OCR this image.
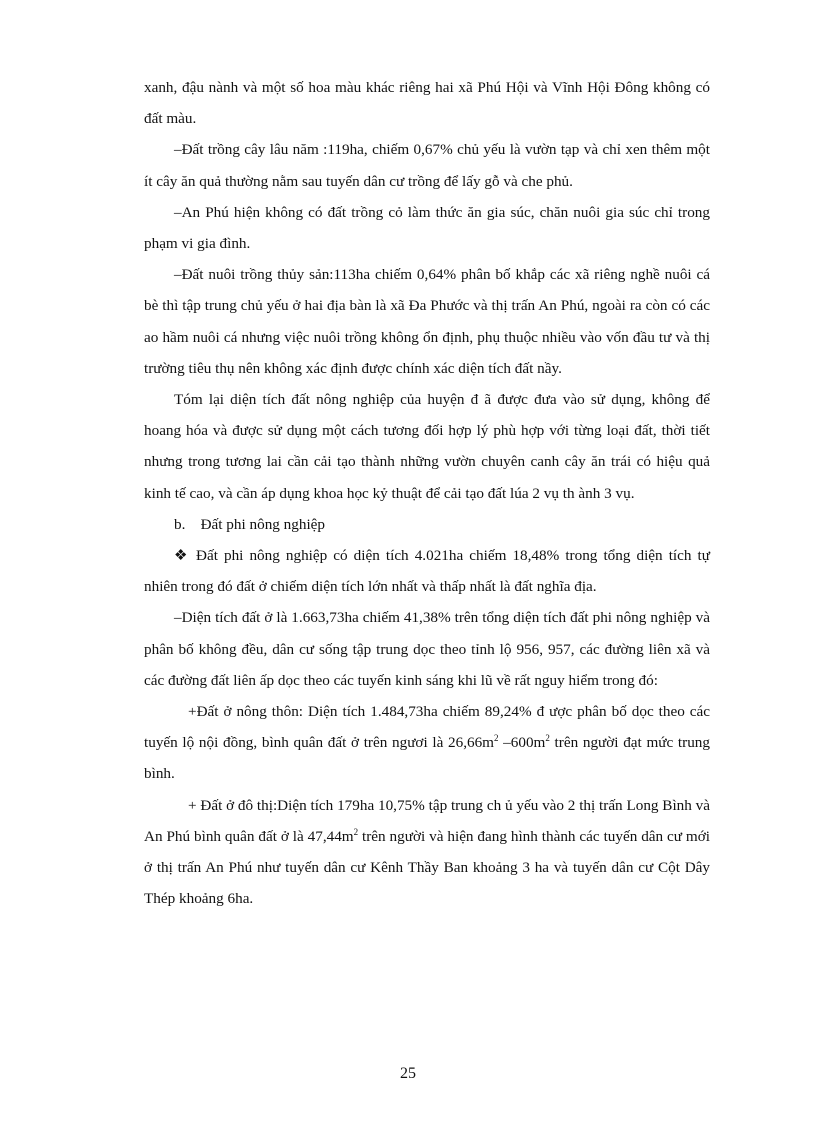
xanh, đậu nành và một số hoa màu khác riêng hai xã Phú Hội và Vĩnh Hội Đông không có đất màu.

–Đất trồng cây lâu năm :119ha, chiếm 0,67% chủ yếu là vườn tạp và chỉ xen thêm một ít cây ăn quả thường nằm sau tuyến dân cư trồng để lấy gỗ và che phủ.

–An Phú hiện không có đất trồng cỏ làm thức ăn gia súc, chăn nuôi gia súc chỉ trong phạm vi gia đình.

–Đất nuôi trồng thủy sản:113ha chiếm 0,64% phân bố khắp các xã riêng nghề nuôi cá bè thì tập trung chủ yếu ở hai địa bàn là xã Đa Phước và thị trấn An Phú, ngoài ra còn có các ao hầm nuôi cá nhưng việc nuôi trồng không ổn định, phụ thuộc nhiều vào vốn đầu tư và thị trường tiêu thụ nên không xác định được chính xác diện tích đất nầy.

Tóm lại diện tích đất nông nghiệp của huyện đ ã được đưa vào sử dụng, không để hoang hóa và được sử dụng một cách tương đối hợp lý phù hợp với từng loại đất, thời tiết nhưng trong tương lai cần cải tạo thành những vườn chuyên canh cây ăn trái có hiệu quả kinh tế cao, và cần áp dụng khoa học kỷ thuật để cải tạo đất lúa 2 vụ th ành 3 vụ.

b. Đất phi nông nghiệp

❖ Đất phi nông nghiệp có diện tích 4.021ha chiếm 18,48% trong tổng diện tích tự nhiên trong đó đất ở chiếm diện tích lớn nhất và thấp nhất là đất nghĩa địa.

–Diện tích đất ở là 1.663,73ha chiếm 41,38% trên tổng diện tích đất phi nông nghiệp và phân bố không đều, dân cư sống tập trung dọc theo tỉnh lộ 956, 957, các đường liên xã và các đường đất liên ấp dọc theo các tuyến kinh sáng khi lũ về rất nguy hiểm trong đó:

+Đất ở nông thôn: Diện tích 1.484,73ha chiếm 89,24% đ ược phân bố dọc theo các tuyến lộ nội đồng, bình quân đất ở trên ngươi là $26,66m^2$ $-600m^2$ trên người đạt mức trung bình.

+ Đất ở đô thị:Diện tích 179ha 10,75% tập trung ch ủ yếu vào 2 thị trấn Long Bình và An Phú bình quân đất ở là $47,44m^2$ trên người và hiện đang hình thành các tuyến dân cư mới ở thị trấn An Phú như tuyến dân cư Kênh Thầy Ban khoảng 3 ha và tuyến dân cư Cột Dây Thép khoảng 6ha.

25
